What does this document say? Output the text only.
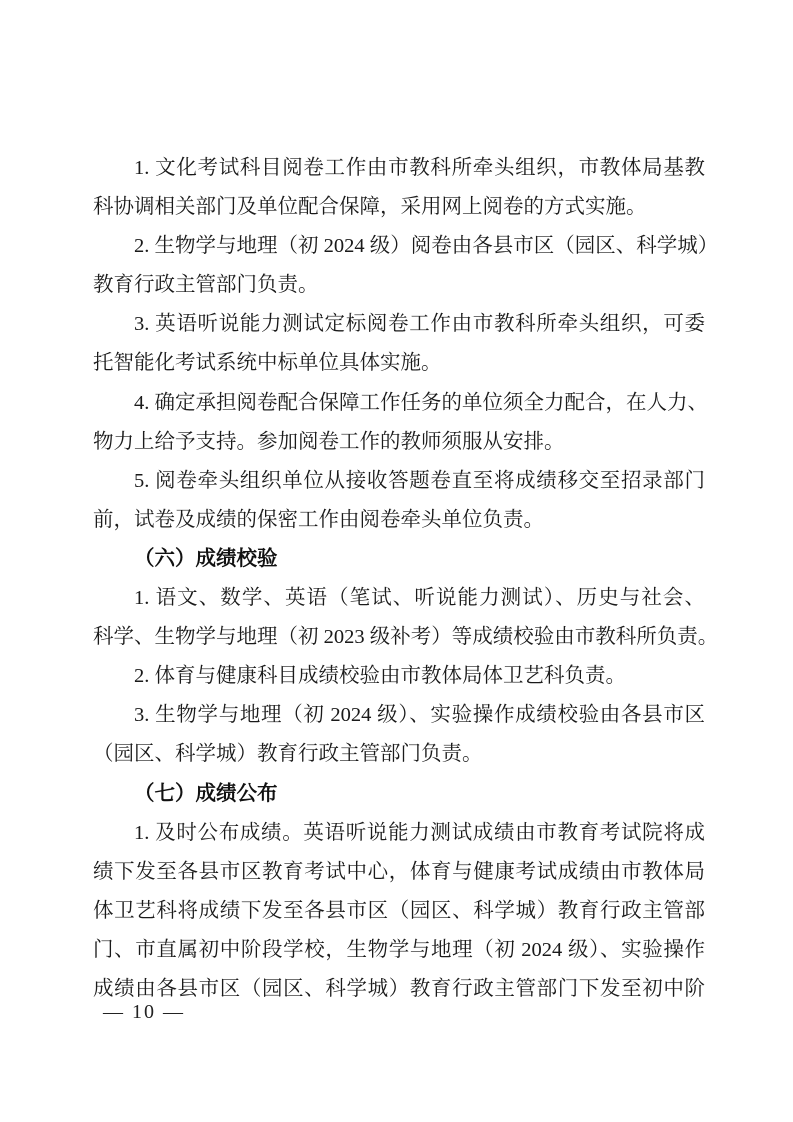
1. 文化考试科目阅卷工作由市教科所牵头组织，市教体局基教
科协调相关部门及单位配合保障，采用网上阅卷的方式实施。
2. 生物学与地理（初 2024 级）阅卷由各县市区（园区、科学城）
教育行政主管部门负责。
3. 英语听说能力测试定标阅卷工作由市教科所牵头组织，可委
托智能化考试系统中标单位具体实施。
4. 确定承担阅卷配合保障工作任务的单位须全力配合，在人力、
物力上给予支持。参加阅卷工作的教师须服从安排。
5. 阅卷牵头组织单位从接收答题卷直至将成绩移交至招录部门
前，试卷及成绩的保密工作由阅卷牵头单位负责。
（六）成绩校验
1. 语文、数学、英语（笔试、听说能力测试）、历史与社会、
科学、生物学与地理（初 2023 级补考）等成绩校验由市教科所负责。
2. 体育与健康科目成绩校验由市教体局体卫艺科负责。
3. 生物学与地理（初 2024 级）、实验操作成绩校验由各县市区
（园区、科学城）教育行政主管部门负责。
（七）成绩公布
1. 及时公布成绩。英语听说能力测试成绩由市教育考试院将成
绩下发至各县市区教育考试中心，体育与健康考试成绩由市教体局
体卫艺科将成绩下发至各县市区（园区、科学城）教育行政主管部
门、市直属初中阶段学校，生物学与地理（初 2024 级）、实验操作
成绩由各县市区（园区、科学城）教育行政主管部门下发至初中阶
— 10 —
